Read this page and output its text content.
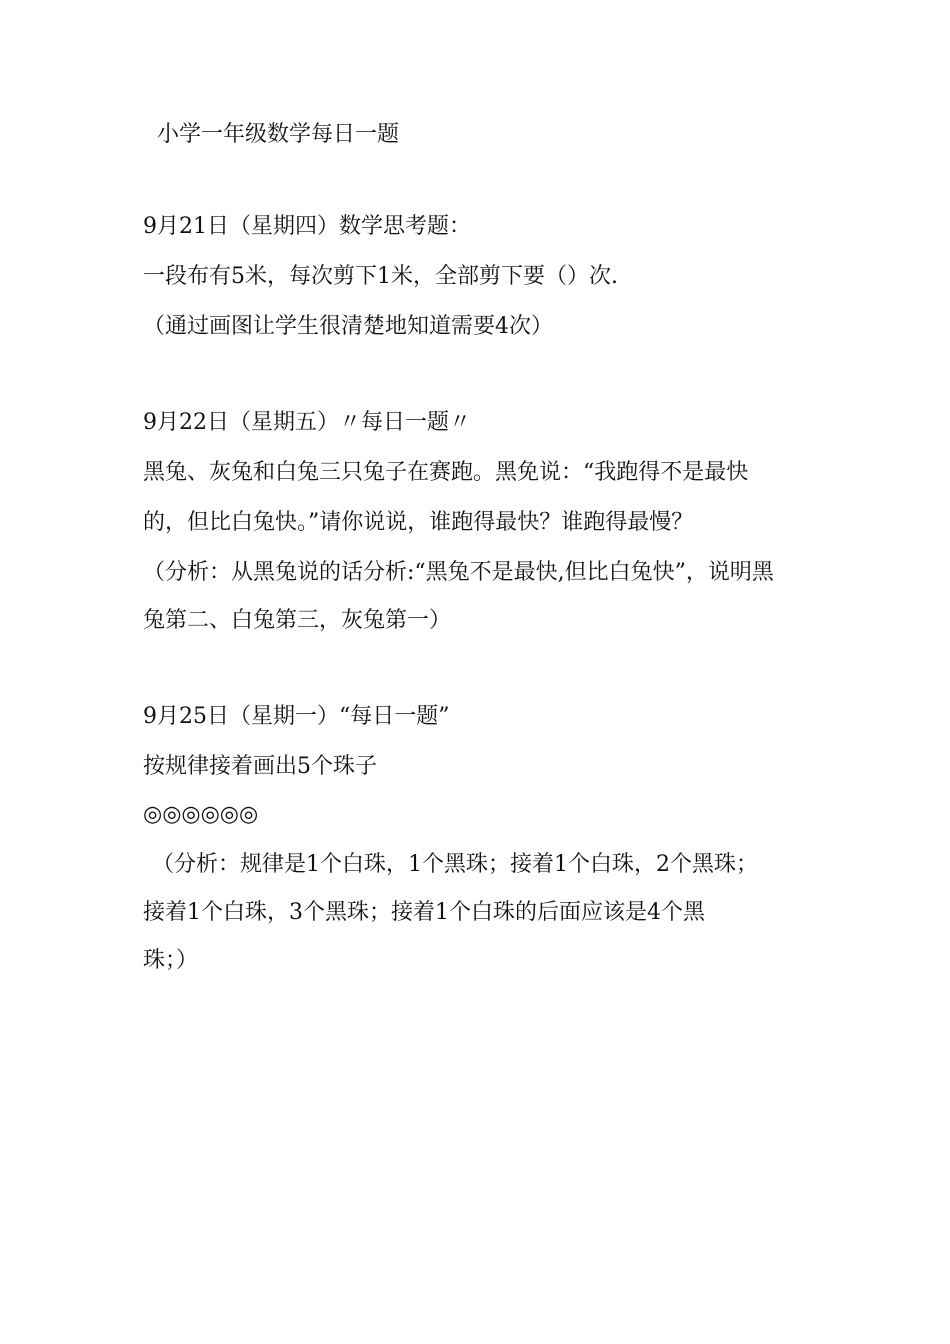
小学一年级数学每日一题
9月21日（星期四）数学思考题：
一段布有5米，每次剪下1米，全部剪下要（）次.
（通过画图让学生很清楚地知道需要4次）
9月22日（星期五）〃每日一题〃
黑兔、灰兔和白兔三只兔子在赛跑。黑免说：“我跑得不是最快
的，但比白兔快。”请你说说，谁跑得最快？谁跑得最慢？
（分析：从黑兔说的话分析:“黑兔不是最快,但比白兔快”，说明黑
兔第二、白兔第三，灰兔第一）
9月25日（星期一）“每日一题”
按规律接着画出5个珠子
◎◎◎◎◎◎
（分析：规律是1个白珠，1个黑珠；接着1个白珠，2个黑珠；
接着1个白珠，3个黑珠；接着1个白珠的后面应该是4个黑
珠；）
